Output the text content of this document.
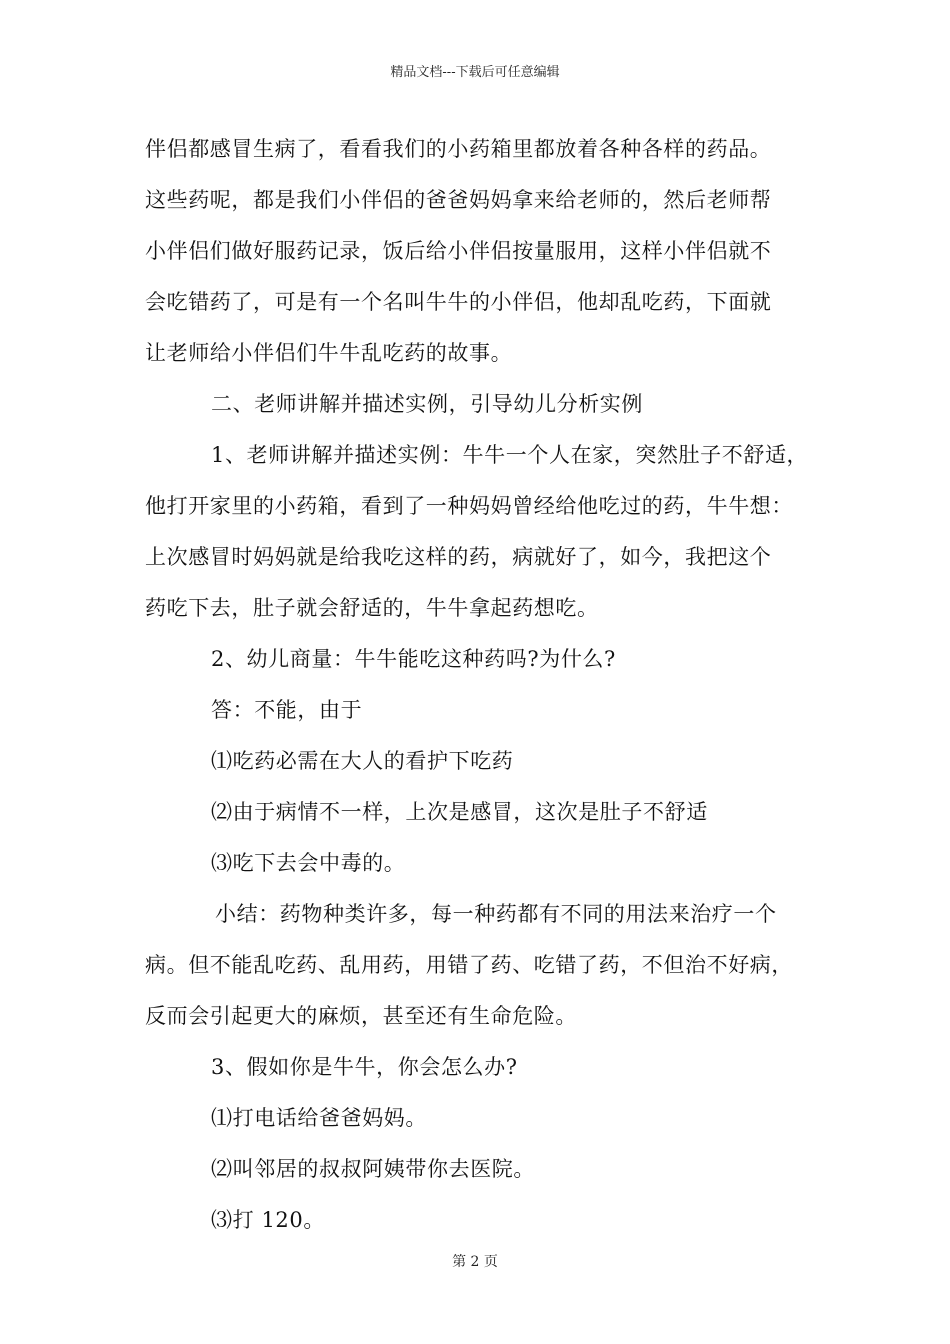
精品文档---下载后可任意编辑
伴侣都感冒生病了，看看我们的小药箱里都放着各种各样的药品。
这些药呢，都是我们小伴侣的爸爸妈妈拿来给老师的，然后老师帮
小伴侣们做好服药记录，饭后给小伴侣按量服用，这样小伴侣就不
会吃错药了，可是有一个名叫牛牛的小伴侣，他却乱吃药，下面就
让老师给小伴侣们牛牛乱吃药的故事。
二、老师讲解并描述实例，引导幼儿分析实例
1、老师讲解并描述实例：牛牛一个人在家，突然肚子不舒适，
他打开家里的小药箱，看到了一种妈妈曾经给他吃过的药，牛牛想：
上次感冒时妈妈就是给我吃这样的药，病就好了，如今，我把这个
药吃下去，肚子就会舒适的，牛牛拿起药想吃。
2、幼儿商量：牛牛能吃这种药吗?为什么?
答：不能，由于
⑴吃药必需在大人的看护下吃药
⑵由于病情不一样，上次是感冒，这次是肚子不舒适
⑶吃下去会中毒的。
小结：药物种类许多，每一种药都有不同的用法来治疗一个
病。但不能乱吃药、乱用药，用错了药、吃错了药，不但治不好病，
反而会引起更大的麻烦，甚至还有生命危险。
3、假如你是牛牛，你会怎么办?
⑴打电话给爸爸妈妈。
⑵叫邻居的叔叔阿姨带你去医院。
⑶打 120。
第 2 页
